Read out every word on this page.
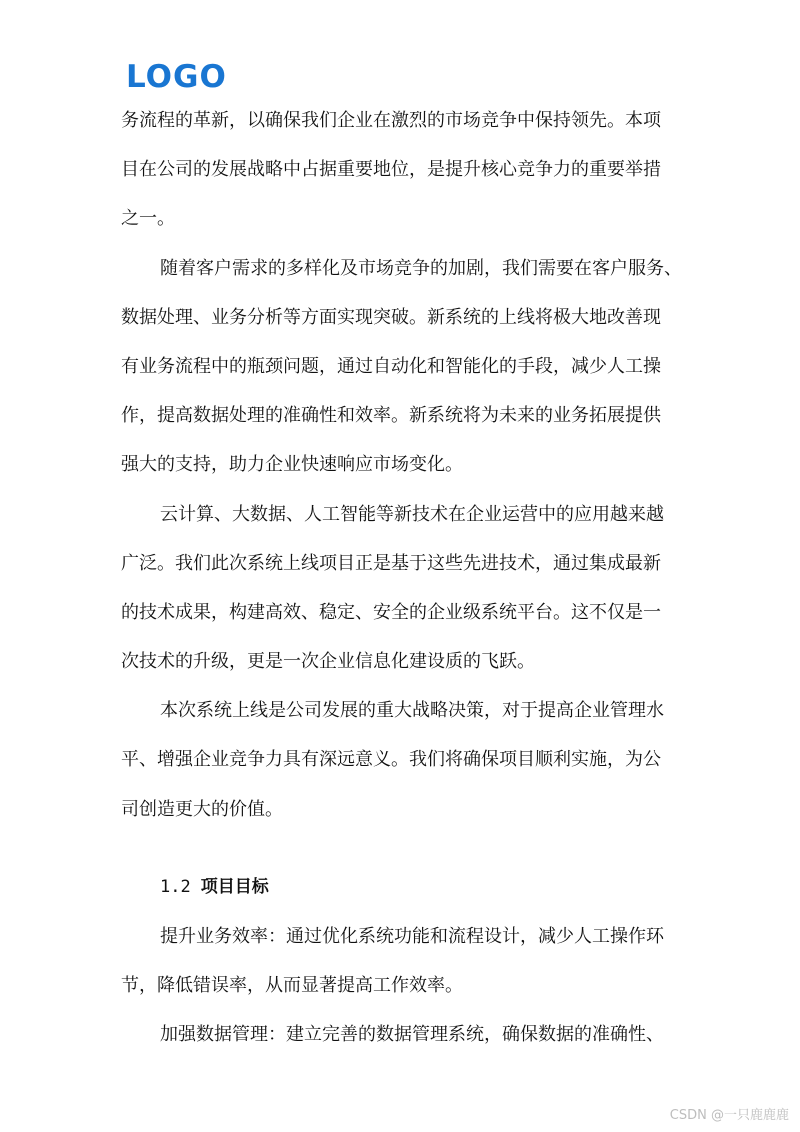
LOGO

务流程的革新，以确保我们企业在激烈的市场竞争中保持领先。本项
目在公司的发展战略中占据重要地位，是提升核心竞争力的重要举措
之一。

随着客户需求的多样化及市场竞争的加剧，我们需要在客户服务、
数据处理、业务分析等方面实现突破。新系统的上线将极大地改善现
有业务流程中的瓶颈问题，通过自动化和智能化的手段，减少人工操
作，提高数据处理的准确性和效率。新系统将为未来的业务拓展提供
强大的支持，助力企业快速响应市场变化。

云计算、大数据、人工智能等新技术在企业运营中的应用越来越
广泛。我们此次系统上线项目正是基于这些先进技术，通过集成最新
的技术成果，构建高效、稳定、安全的企业级系统平台。这不仅是一
次技术的升级，更是一次企业信息化建设质的飞跃。

本次系统上线是公司发展的重大战略决策，对于提高企业管理水
平、增强企业竞争力具有深远意义。我们将确保项目顺利实施，为公
司创造更大的价值。

1.2 项目目标

提升业务效率：通过优化系统功能和流程设计，减少人工操作环
节，降低错误率，从而显著提高工作效率。

加强数据管理：建立完善的数据管理系统，确保数据的准确性、

CSDN @一只鹿鹿鹿
